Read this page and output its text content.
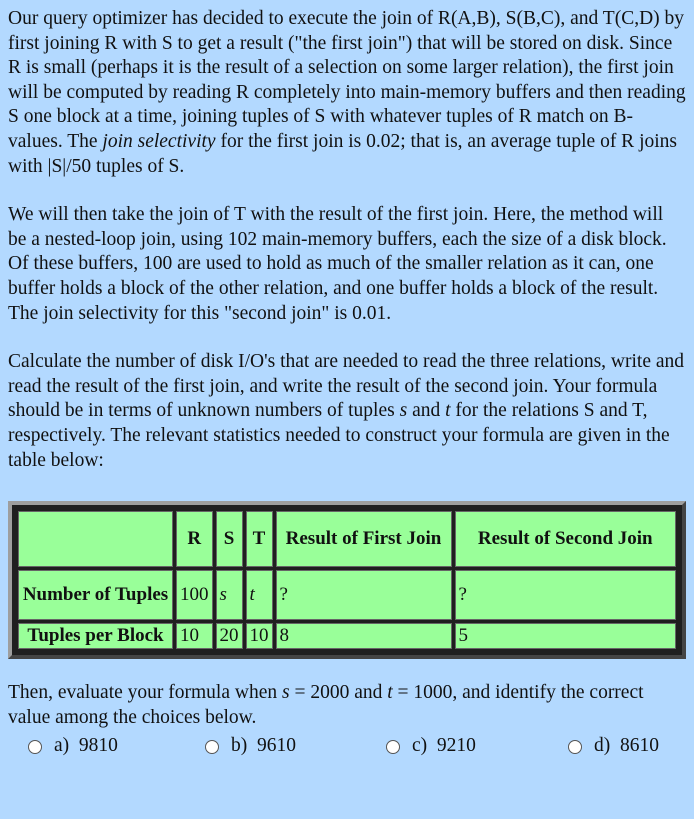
Our query optimizer has decided to execute the join of R(A,B), S(B,C), and T(C,D) by first joining R with S to get a result ("the first join") that will be stored on disk. Since R is small (perhaps it is the result of a selection on some larger relation), the first join will be computed by reading R completely into main-memory buffers and then reading S one block at a time, joining tuples of S with whatever tuples of R match on B-values. The join selectivity for the first join is 0.02; that is, an average tuple of R joins with |S|/50 tuples of S.

We will then take the join of T with the result of the first join. Here, the method will be a nested-loop join, using 102 main-memory buffers, each the size of a disk block. Of these buffers, 100 are used to hold as much of the smaller relation as it can, one buffer holds a block of the other relation, and one buffer holds a block of the result. The join selectivity for this "second join" is 0.01.

Calculate the number of disk I/O's that are needed to read the three relations, write and read the result of the first join, and write the result of the second join. Your formula should be in terms of unknown numbers of tuples s and t for the relations S and T, respectively. The relevant statistics needed to construct your formula are given in the table below:

	R	S	T	Result of First Join	Result of Second Join
Number of Tuples	100	s	t	?	?
Tuples per Block	10	20	10	8	5

Then, evaluate your formula when s = 2000 and t = 1000, and identify the correct value among the choices below.

a)
9810	b)
9610	c)
9210	d)
8610
